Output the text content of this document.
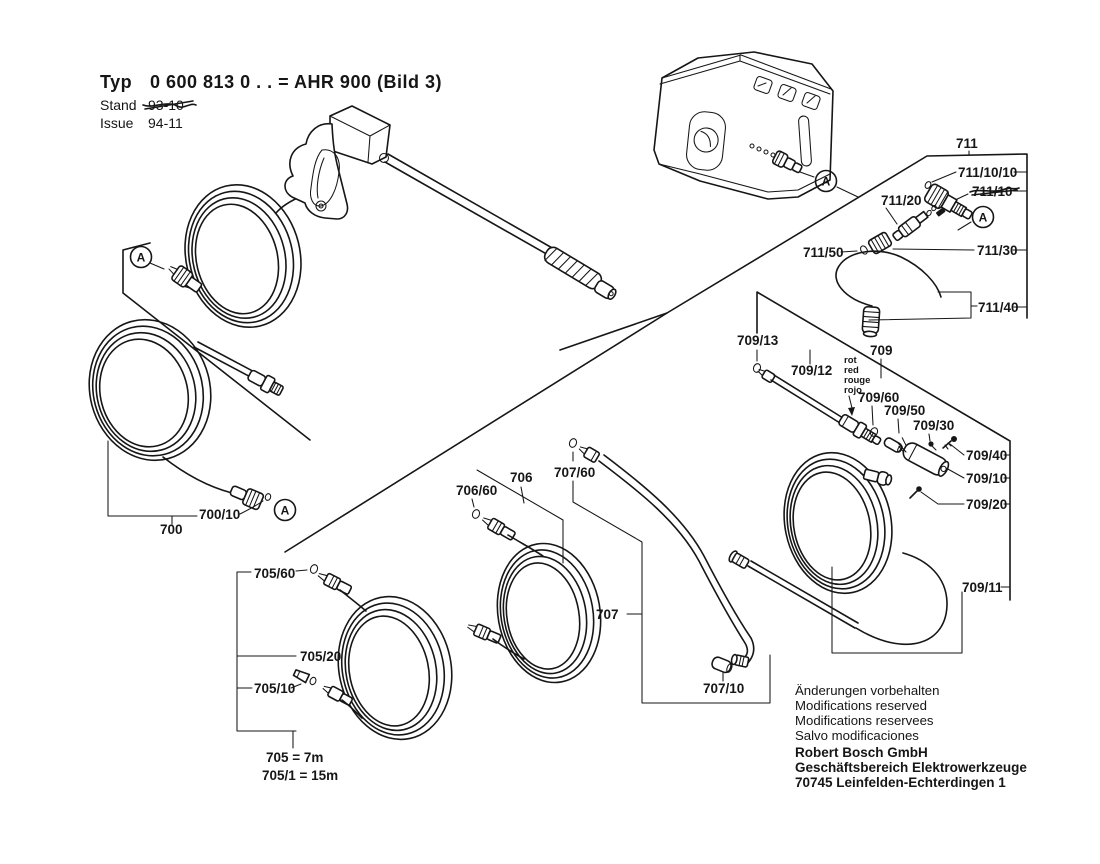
Typ 0 600 813 0 . . = AHR 900 (Bild 3)
Stand 93-10
Issue 94-11
A
A
700
700/10	A
705/60
705/20
705/10
705 = 7m
705/1 = 15m
706
706/60
707/60
707
707/10
709/13
709/12
709
rot
red
rouge
rojo
709/60
709/50
709/30
709/40
709/10
709/20
709/11
711
711/10/10
711/10
A
711/20
711/50	711/30
711/40
Änderungen vorbehalten
Modifications reserved
Modifications reservees
Salvo modificaciones
Robert Bosch GmbH
Geschäftsbereich Elektrowerkzeuge
70745 Leinfelden-Echterdingen 1
